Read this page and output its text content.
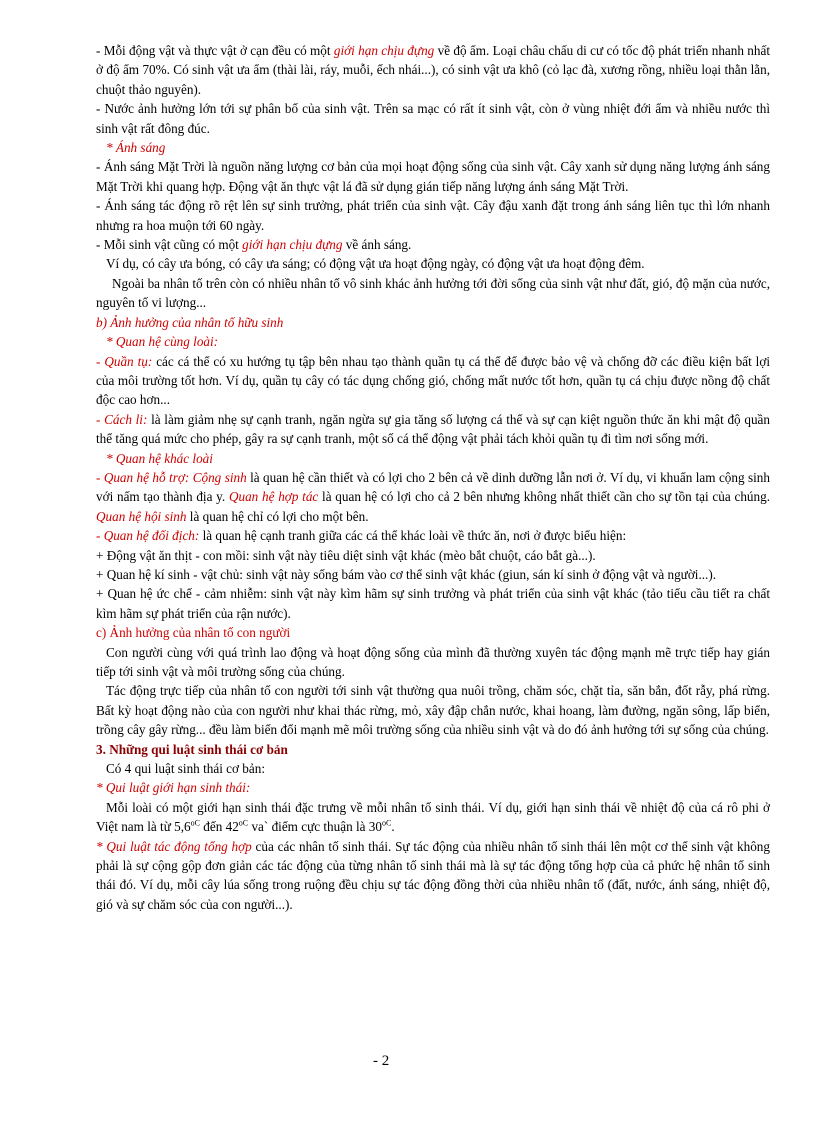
- Mỗi động vật và thực vật ở cạn đều có một giới hạn chịu đựng về độ ẩm. Loại châu chấu di cư có tốc độ phát triển nhanh nhất ở độ ẩm 70%. Có sinh vật ưa ẩm (thài lài, ráy, muỗi, ếch nhái...), có sinh vật ưa khô (cỏ lạc đà, xương rồng, nhiều loại thằn lằn, chuột thảo nguyên).

- Nước ảnh hưởng lớn tới sự phân bố của sinh vật. Trên sa mạc có rất ít sinh vật, còn ở vùng nhiệt đới ẩm và nhiều nước thì sinh vật rất đông đúc.

* Ánh sáng

- Ánh sáng Mặt Trời là nguồn năng lượng cơ bản của mọi hoạt động sống của sinh vật. Cây xanh sử dụng năng lượng ánh sáng Mặt Trời khi quang hợp. Động vật ăn thực vật lá đã sử dụng gián tiếp năng lượng ánh sáng Mặt Trời.

- Ánh sáng tác động rõ rệt lên sự sinh trưởng, phát triển của sinh vật. Cây đậu xanh đặt trong ánh sáng liên tục thì lớn nhanh nhưng ra hoa muộn tới 60 ngày.

- Mỗi sinh vật cũng có một giới hạn chịu đựng về ánh sáng.

Ví dụ, có cây ưa bóng, có cây ưa sáng; có động vật ưa hoạt động ngày, có động vật ưa hoạt động đêm.

Ngoài ba nhân tố trên còn có nhiều nhân tố vô sinh khác ảnh hưởng tới đời sống của sinh vật như đất, gió, độ mặn của nước, nguyên tố vi lượng...

b) Ảnh hưởng của nhân tố hữu sinh

* Quan hệ cùng loài:

- Quần tụ: các cá thể có xu hướng tụ tập bên nhau tạo thành quần tụ cá thể để được bảo vệ và chống đỡ các điều kiện bất lợi của môi trường tốt hơn. Ví dụ, quần tụ cây có tác dụng chống gió, chống mất nước tốt hơn, quần tụ cá chịu được nồng độ chất độc cao hơn...

- Cách li: là làm giảm nhẹ sự cạnh tranh, ngăn ngừa sự gia tăng số lượng cá thể và sự cạn kiệt nguồn thức ăn khi mật độ quần thể tăng quá mức cho phép, gây ra sự cạnh tranh, một số cá thể động vật phải tách khỏi quần tụ đi tìm nơi sống mới.

* Quan hệ khác loài

- Quan hệ hỗ trợ: Cộng sinh là quan hệ cần thiết và có lợi cho 2 bên cả về dinh dưỡng lẫn nơi ở. Ví dụ, vi khuẩn lam cộng sinh với nấm tạo thành địa y. Quan hệ hợp tác là quan hệ có lợi cho cả 2 bên nhưng không nhất thiết cần cho sự tồn tại của chúng. Quan hệ hội sinh là quan hệ chỉ có lợi cho một bên.

- Quan hệ đối địch: là quan hệ cạnh tranh giữa các cá thể khác loài về thức ăn, nơi ở được biểu hiện:

+ Động vật ăn thịt - con mồi: sinh vật này tiêu diệt sinh vật khác (mèo bắt chuột, cáo bắt gà...).

+ Quan hệ kí sinh - vật chủ: sinh vật này sống bám vào cơ thể sinh vật khác (giun, sán kí sinh ở động vật và người...).

+ Quan hệ ức chế - cảm nhiễm: sinh vật này kìm hãm sự sinh trưởng và phát triển của sinh vật khác (tảo tiểu cầu tiết ra chất kìm hãm sự phát triển của rận nước).

c) Ảnh hưởng của nhân tố con người

Con người cùng với quá trình lao động và hoạt động sống của mình đã thường xuyên tác động mạnh mẽ trực tiếp hay gián tiếp tới sinh vật và môi trường sống của chúng.

Tác động trực tiếp của nhân tố con người tới sinh vật thường qua nuôi trồng, chăm sóc, chặt tỉa, săn bắn, đốt rẫy, phá rừng. Bất kỳ hoạt động nào của con người như khai thác rừng, mỏ, xây đập chắn nước, khai hoang, làm đường, ngăn sông, lấp biển, trồng cây gây rừng... đều làm biến đổi mạnh mẽ môi trường sống của nhiều sinh vật và do đó ảnh hưởng tới sự sống của chúng.

3. Những qui luật sinh thái cơ bản

Có 4 qui luật sinh thái cơ bản:

* Qui luật giới hạn sinh thái:

Mỗi loài có một giới hạn sinh thái đặc trưng về mỗi nhân tố sinh thái. Ví dụ, giới hạn sinh thái về nhiệt độ của cá rô phi ở Việt nam là từ $5,6^{oC}$ đến $42^{oC}$ va` điểm cực thuận là $30^{oC}$.

* Qui luật tác động tổng hợp của các nhân tố sinh thái. Sự tác động của nhiều nhân tố sinh thái lên một cơ thể sinh vật không phải là sự cộng gộp đơn giản các tác động của từng nhân tố sinh thái mà là sự tác động tổng hợp của cả phức hệ nhân tố sinh thái đó. Ví dụ, mỗi cây lúa sống trong ruộng đều chịu sự tác động đồng thời của nhiều nhân tố (đất, nước, ánh sáng, nhiệt độ, gió và sự chăm sóc của con người...).

- 2
